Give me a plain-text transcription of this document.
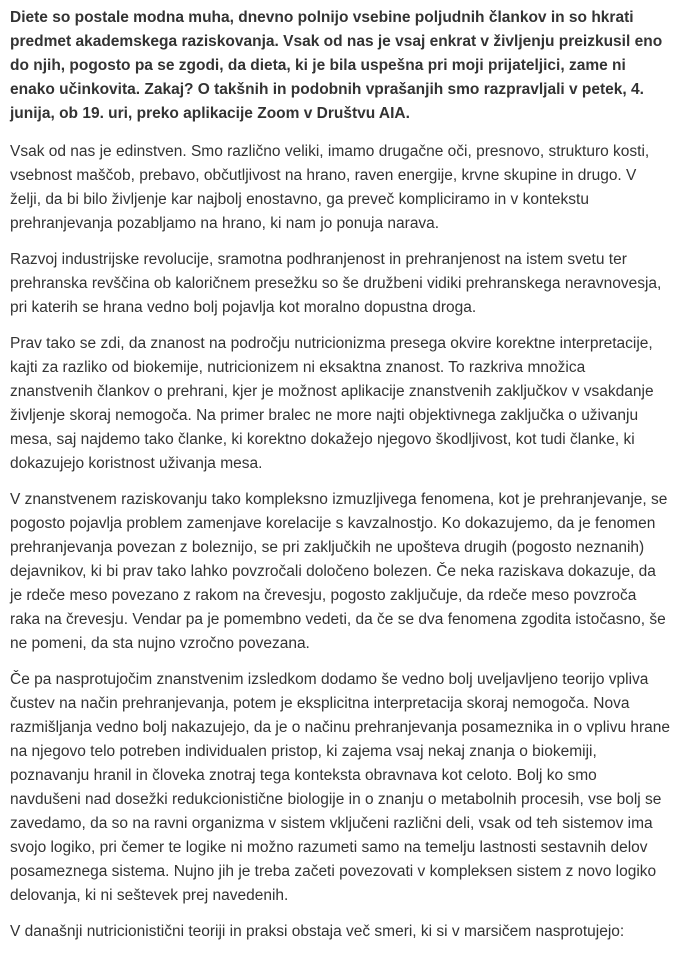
Diete so postale modna muha, dnevno polnijo vsebine poljudnih člankov in so hkrati predmet akademskega raziskovanja. Vsak od nas je vsaj enkrat v življenju preizkusil eno do njih, pogosto pa se zgodi, da dieta, ki je bila uspešna pri moji prijateljici, zame ni enako učinkovita. Zakaj? O takšnih in podobnih vprašanjih smo razpravljali v petek, 4. junija, ob 19. uri, preko aplikacije Zoom v Društvu AIA.

Vsak od nas je edinstven. Smo različno veliki, imamo drugačne oči, presnovo, strukturo kosti, vsebnost maščob, prebavo, občutljivost na hrano, raven energije, krvne skupine in drugo. V želji, da bi bilo življenje kar najbolj enostavno, ga preveč kompliciramo in v kontekstu prehranjevanja pozabljamo na hrano, ki nam jo ponuja narava.

Razvoj industrijske revolucije, sramotna podhranjenost in prehranjenost na istem svetu ter prehranska revščina ob kaloričnem presežku so še družbeni vidiki prehranskega neravnovesja, pri katerih se hrana vedno bolj pojavlja kot moralno dopustna droga.

Prav tako se zdi, da znanost na področju nutricionizma presega okvire korektne interpretacije, kajti za razliko od biokemije, nutricionizem ni eksaktna znanost. To razkriva množica znanstvenih člankov o prehrani, kjer je možnost aplikacije znanstvenih zaključkov v vsakdanje življenje skoraj nemogoča. Na primer bralec ne more najti objektivnega zaključka o uživanju mesa, saj najdemo tako članke, ki korektno dokažejo njegovo škodljivost, kot tudi članke, ki dokazujejo koristnost uživanja mesa.

V znanstvenem raziskovanju tako kompleksno izmuzljivega fenomena, kot je prehranjevanje, se pogosto pojavlja problem zamenjave korelacije s kavzalnostjo. Ko dokazujemo, da je fenomen prehranjevanja povezan z boleznijo, se pri zaključkih ne upošteva drugih (pogosto neznanih) dejavnikov, ki bi prav tako lahko povzročali določeno bolezen. Če neka raziskava dokazuje, da je rdeče meso povezano z rakom na črevesju, pogosto zaključuje, da rdeče meso povzroča raka na črevesju. Vendar pa je pomembno vedeti, da če se dva fenomena zgodita istočasno, še ne pomeni, da sta nujno vzročno povezana.

Če pa nasprotujočim znanstvenim izsledkom dodamo še vedno bolj uveljavljeno teorijo vpliva čustev na način prehranjevanja, potem je eksplicitna interpretacija skoraj nemogoča. Nova razmišljanja vedno bolj nakazujejo, da je o načinu prehranjevanja posameznika in o vplivu hrane na njegovo telo potreben individualen pristop, ki zajema vsaj nekaj znanja o biokemiji, poznavanju hranil in človeka znotraj tega konteksta obravnava kot celoto. Bolj ko smo navdušeni nad dosežki redukcionistične biologije in o znanju o metabolnih procesih, vse bolj se zavedamo, da so na ravni organizma v sistem vključeni različni deli, vsak od teh sistemov ima svojo logiko, pri čemer te logike ni možno razumeti samo na temelju lastnosti sestavnih delov posameznega sistema. Nujno jih je treba začeti povezovati v kompleksen sistem z novo logiko delovanja, ki ni seštevek prej navedenih.

V današnji nutricionistični teoriji in praksi obstaja več smeri, ki si v marsičem nasprotujejo:
